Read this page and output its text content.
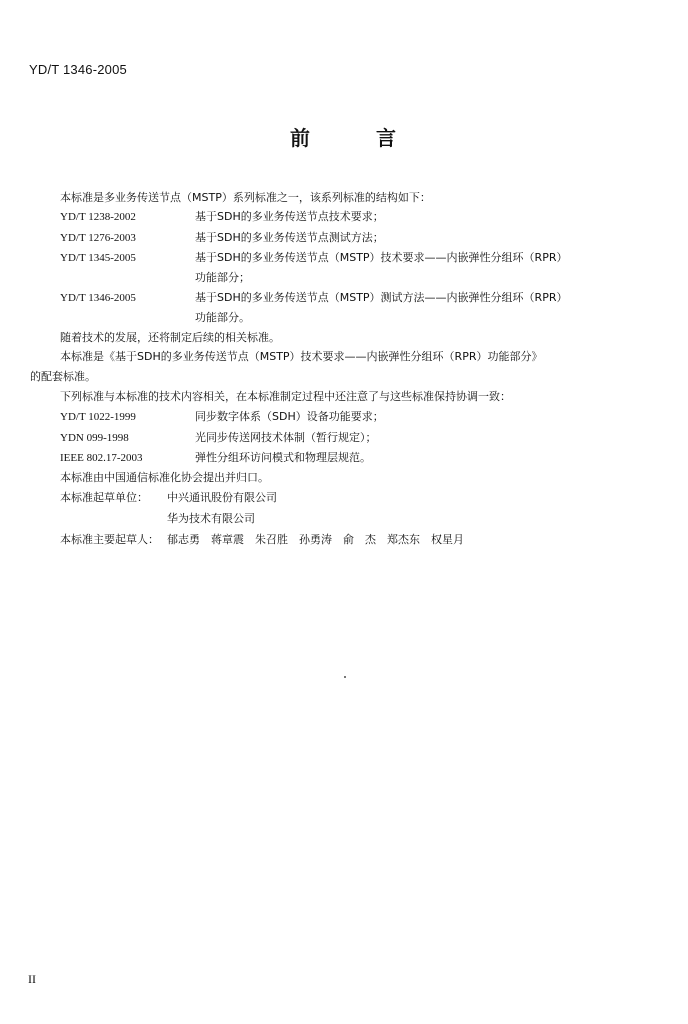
YD/T 1346-2005
前	言
本标准是多业务传送节点（MSTP）系列标准之一，该系列标准的结构如下：
YD/T 1238-2002	基于SDH的多业务传送节点技术要求；
YD/T 1276-2003	基于SDH的多业务传送节点测试方法；
YD/T 1345-2005	基于SDH的多业务传送节点（MSTP）技术要求——内嵌弹性分组环（RPR）
功能部分；
YD/T 1346-2005	基于SDH的多业务传送节点（MSTP）测试方法——内嵌弹性分组环（RPR）
功能部分。
随着技术的发展，还将制定后续的相关标准。
本标准是《基于SDH的多业务传送节点（MSTP）技术要求——内嵌弹性分组环（RPR）功能部分》
的配套标准。
下列标准与本标准的技术内容相关，在本标准制定过程中还注意了与这些标准保持协调一致：
YD/T 1022-1999	同步数字体系（SDH）设备功能要求；
YDN 099-1998	光同步传送网技术体制（暂行规定）；
IEEE 802.17-2003	弹性分组环访问模式和物理层规范。
本标准由中国通信标准化协会提出并归口。
本标准起草单位： 中兴通讯股份有限公司
华为技术有限公司
本标准主要起草人： 郁志勇　蒋章震　朱召胜　孙勇涛　俞　杰　郑杰东　权星月
II
